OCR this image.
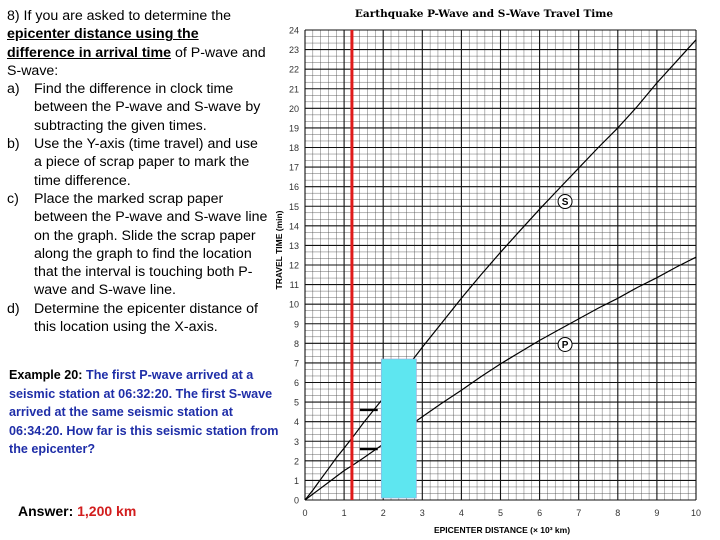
8) If you are asked to determine the epicenter distance using the difference in arrival time of P-wave and S-wave:

a) Find the difference in clock time between the P-wave and S-wave by subtracting the given times.
b) Use the Y-axis (time travel) and use a piece of scrap paper to mark the time difference.
c) Place the marked scrap paper between the P-wave and S-wave line on the graph. Slide the scrap paper along the graph to find the location that the interval is touching both P-wave and S-wave line.
d) Determine the epicenter distance of this location using the X-axis.
Example 20: The first P-wave arrived at a seismic station at 06:32:20. The first S-wave arrived at the same seismic station at 06:34:20. How far is this seismic station from the epicenter?
Answer: 1,200 km
Earthquake P-Wave and S-Wave Travel Time
TRAVEL TIME (min)
EPICENTER DISTANCE (× 10³ km)
0	1	2	3	4	5	6	7	8	9	10
0
1
2
3
4
5
6
7
8
9
10
11
12
13
14
15
16
17
18
19
20
21
22
23
24
S
P
